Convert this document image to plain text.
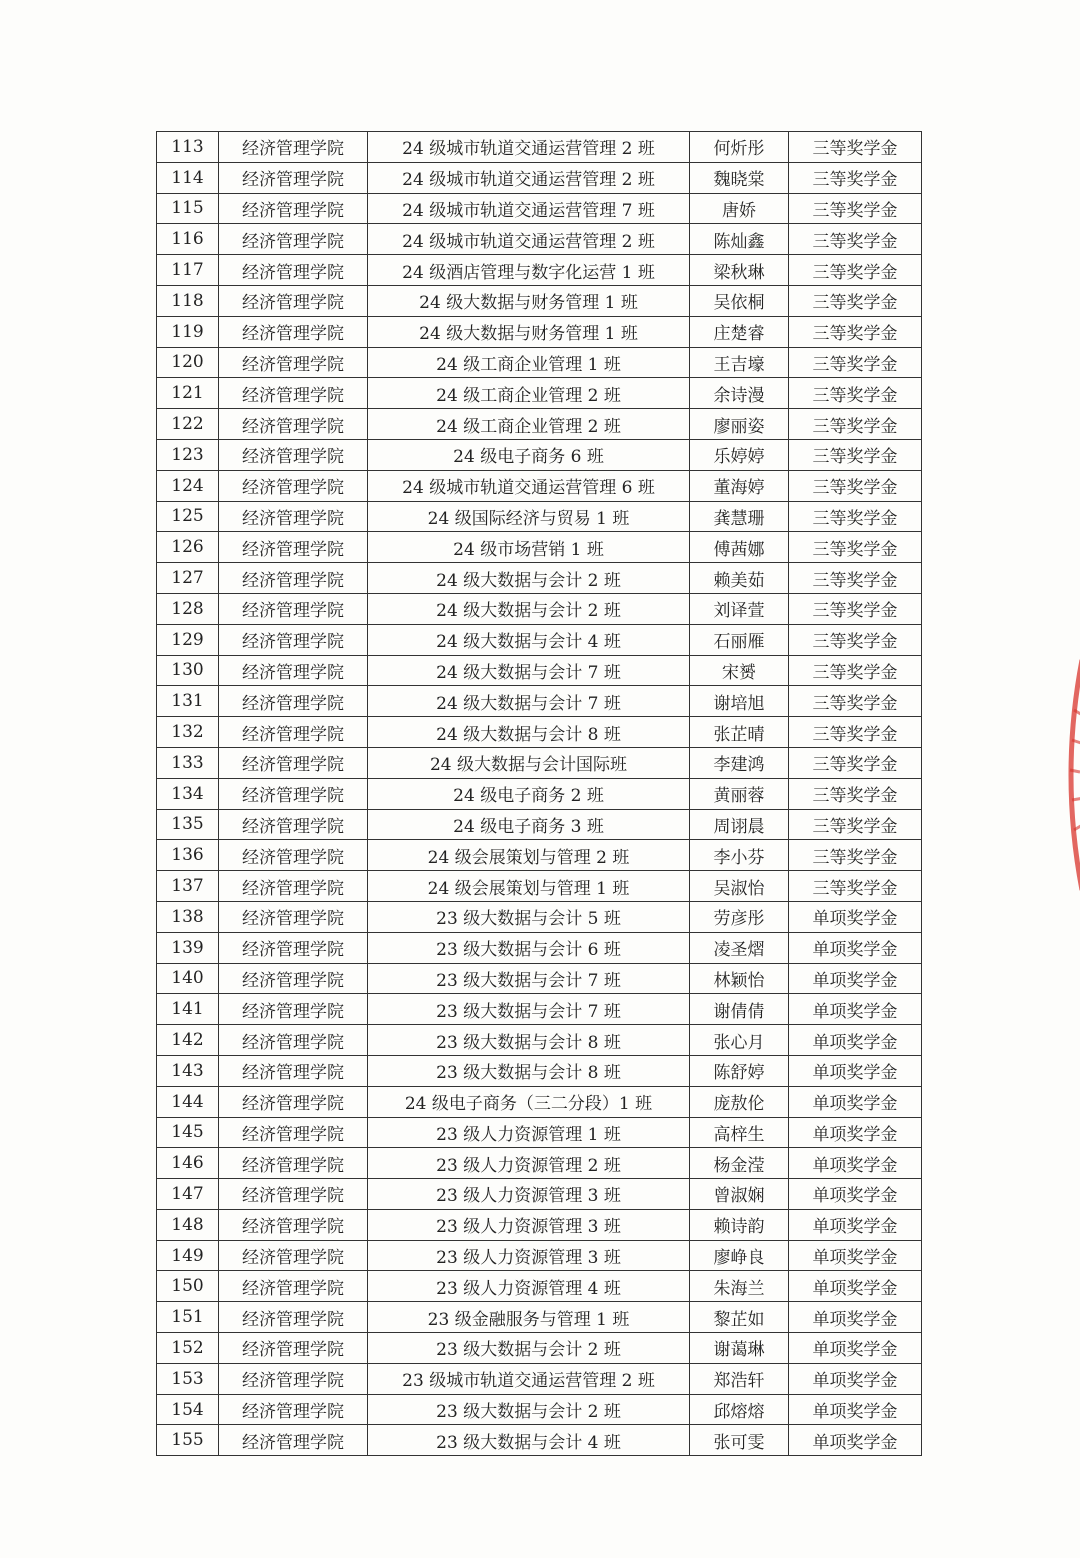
113	经济管理学院	24 级城市轨道交通运营管理 2 班	何炘彤	三等奖学金
114	经济管理学院	24 级城市轨道交通运营管理 2 班	魏晓棠	三等奖学金
115	经济管理学院	24 级城市轨道交通运营管理 7 班	唐娇	三等奖学金
116	经济管理学院	24 级城市轨道交通运营管理 2 班	陈灿鑫	三等奖学金
117	经济管理学院	24 级酒店管理与数字化运营 1 班	梁秋琳	三等奖学金
118	经济管理学院	24 级大数据与财务管理 1 班	吴依桐	三等奖学金
119	经济管理学院	24 级大数据与财务管理 1 班	庄楚睿	三等奖学金
120	经济管理学院	24 级工商企业管理 1 班	王吉壕	三等奖学金
121	经济管理学院	24 级工商企业管理 2 班	余诗漫	三等奖学金
122	经济管理学院	24 级工商企业管理 2 班	廖丽姿	三等奖学金
123	经济管理学院	24 级电子商务 6 班	乐婷婷	三等奖学金
124	经济管理学院	24 级城市轨道交通运营管理 6 班	董海婷	三等奖学金
125	经济管理学院	24 级国际经济与贸易 1 班	龚慧珊	三等奖学金
126	经济管理学院	24 级市场营销 1 班	傅茜娜	三等奖学金
127	经济管理学院	24 级大数据与会计 2 班	赖美茹	三等奖学金
128	经济管理学院	24 级大数据与会计 2 班	刘译萱	三等奖学金
129	经济管理学院	24 级大数据与会计 4 班	石丽雁	三等奖学金
130	经济管理学院	24 级大数据与会计 7 班	宋赟	三等奖学金
131	经济管理学院	24 级大数据与会计 7 班	谢培旭	三等奖学金
132	经济管理学院	24 级大数据与会计 8 班	张芷晴	三等奖学金
133	经济管理学院	24 级大数据与会计国际班	李建鸿	三等奖学金
134	经济管理学院	24 级电子商务 2 班	黄丽蓉	三等奖学金
135	经济管理学院	24 级电子商务 3 班	周诩晨	三等奖学金
136	经济管理学院	24 级会展策划与管理 2 班	李小芬	三等奖学金
137	经济管理学院	24 级会展策划与管理 1 班	吴淑怡	三等奖学金
138	经济管理学院	23 级大数据与会计 5 班	劳彦彤	单项奖学金
139	经济管理学院	23 级大数据与会计 6 班	凌圣熠	单项奖学金
140	经济管理学院	23 级大数据与会计 7 班	林颖怡	单项奖学金
141	经济管理学院	23 级大数据与会计 7 班	谢倩倩	单项奖学金
142	经济管理学院	23 级大数据与会计 8 班	张心月	单项奖学金
143	经济管理学院	23 级大数据与会计 8 班	陈舒婷	单项奖学金
144	经济管理学院	24 级电子商务（三二分段）1 班	庞敖伦	单项奖学金
145	经济管理学院	23 级人力资源管理 1 班	高梓生	单项奖学金
146	经济管理学院	23 级人力资源管理 2 班	杨金滢	单项奖学金
147	经济管理学院	23 级人力资源管理 3 班	曾淑娴	单项奖学金
148	经济管理学院	23 级人力资源管理 3 班	赖诗韵	单项奖学金
149	经济管理学院	23 级人力资源管理 3 班	廖峥良	单项奖学金
150	经济管理学院	23 级人力资源管理 4 班	朱海兰	单项奖学金
151	经济管理学院	23 级金融服务与管理 1 班	黎芷如	单项奖学金
152	经济管理学院	23 级大数据与会计 2 班	谢蔼琳	单项奖学金
153	经济管理学院	23 级城市轨道交通运营管理 2 班	郑浩轩	单项奖学金
154	经济管理学院	23 级大数据与会计 2 班	邱熔熔	单项奖学金
155	经济管理学院	23 级大数据与会计 4 班	张可雯	单项奖学金
